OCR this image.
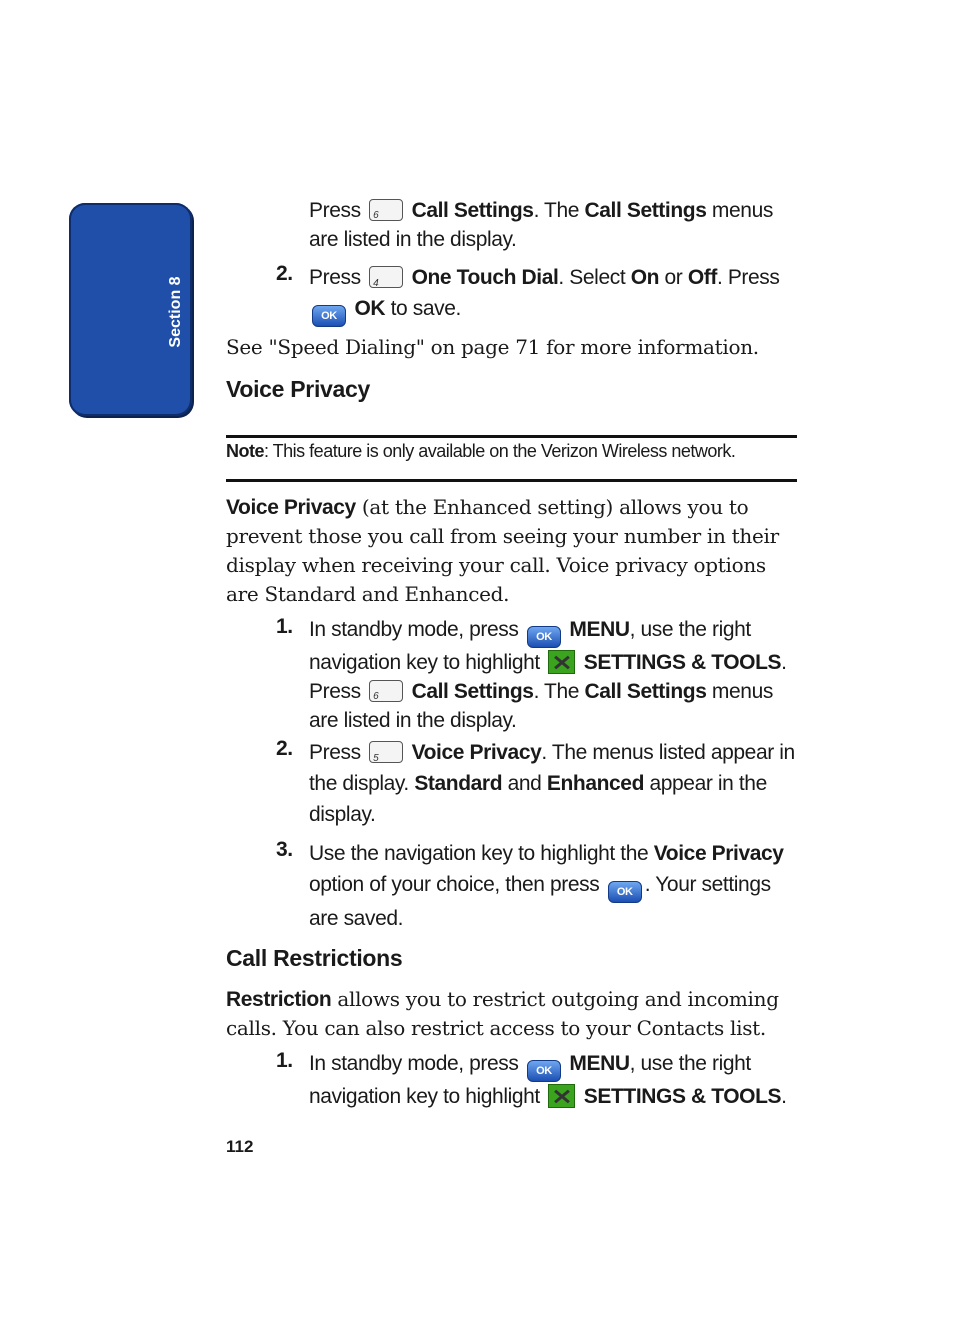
Section 8
Press 6 Call Settings. The Call Settings menus are listed in the display.
2. Press 4 One Touch Dial. Select On or Off. Press OK OK to save.
See "Speed Dialing" on page 71 for more information.
Voice Privacy
Note: This feature is only available on the Verizon Wireless network.
Voice Privacy (at the Enhanced setting) allows you to prevent those you call from seeing your number in their display when receiving your call. Voice privacy options are Standard and Enhanced.
1. In standby mode, press OK MENU, use the right navigation key to highlight SETTINGS & TOOLS. Press 6 Call Settings. The Call Settings menus are listed in the display.
2. Press 5 Voice Privacy. The menus listed appear in the display. Standard and Enhanced appear in the display.
3. Use the navigation key to highlight the Voice Privacy option of your choice, then press OK . Your settings are saved.
Call Restrictions
Restriction allows you to restrict outgoing and incoming calls. You can also restrict access to your Contacts list.
1. In standby mode, press OK MENU, use the right navigation key to highlight SETTINGS & TOOLS.
112
